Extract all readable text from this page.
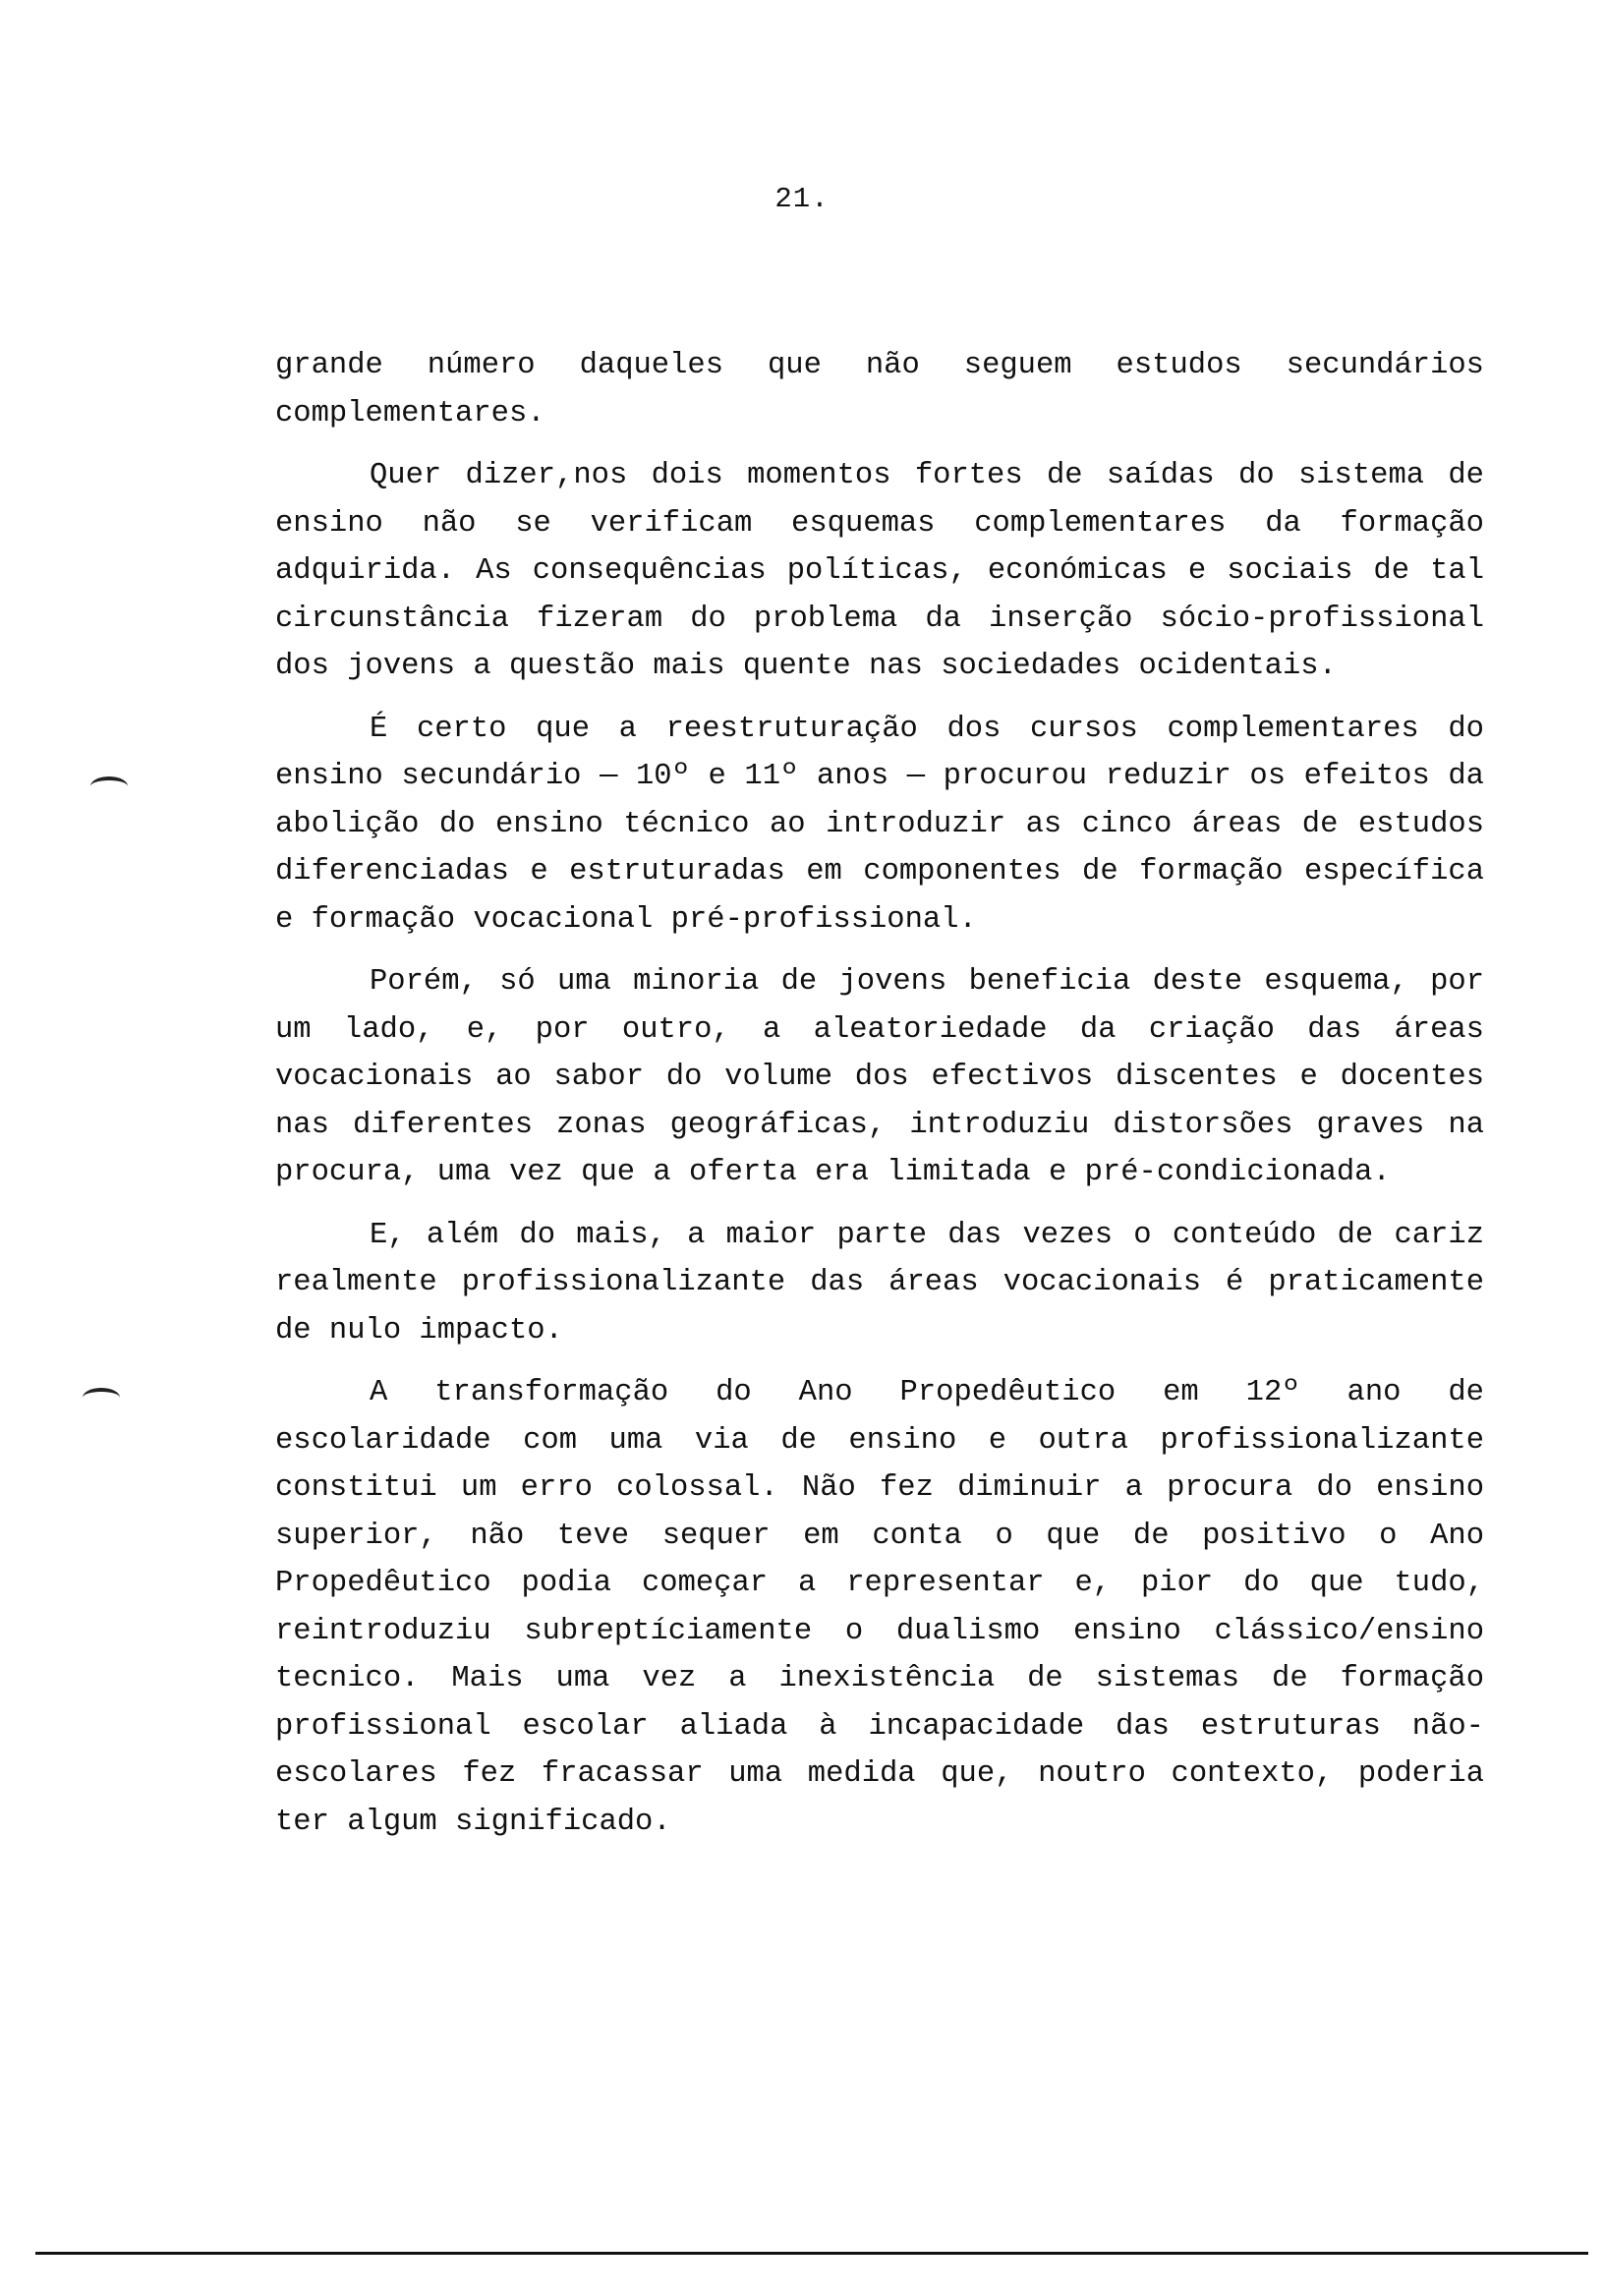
21.

grande número daqueles que não seguem estudos secundários complementares.

Quer dizer,nos dois momentos fortes de saídas do sistema de ensino não se verificam esquemas complementares da formação adquirida. As consequências políticas, económicas e sociais de tal circunstância fizeram do problema da inserção sócio-profissional dos jovens a questão mais quente nas sociedades ocidentais.

É certo que a reestruturação dos cursos complementares do ensino secundário — 10º e 11º anos — procurou reduzir os efeitos da abolição do ensino técnico ao introduzir as cinco áreas de estudos diferenciadas e estruturadas em componentes de formação específica e formação vocacional pré-profissional.

Porém, só uma minoria de jovens beneficia deste esquema, por um lado, e, por outro, a aleatoriedade da criação das áreas vocacionais ao sabor do volume dos efectivos discentes e docentes nas diferentes zonas geográficas, introduziu distorsões graves na procura, uma vez que a oferta era limitada e pré-condicionada.

E, além do mais, a maior parte das vezes o conteúdo de cariz realmente profissionalizante das áreas vocacionais é praticamente de nulo impacto.

A transformação do Ano Propedêutico em 12º ano de escolaridade com uma via de ensino e outra profissionalizante constitui um erro colossal. Não fez diminuir a procura do ensino superior, não teve sequer em conta o que de positivo o Ano Propedêutico podia começar a representar e, pior do que tudo, reintroduziu subreptíciamente o dualismo ensino clássico/ensino tecnico. Mais uma vez a inexistência de sistemas de formação profissional escolar aliada à incapacidade das estruturas não-escolares fez fracassar uma medida que, noutro contexto, poderia ter algum significado.
